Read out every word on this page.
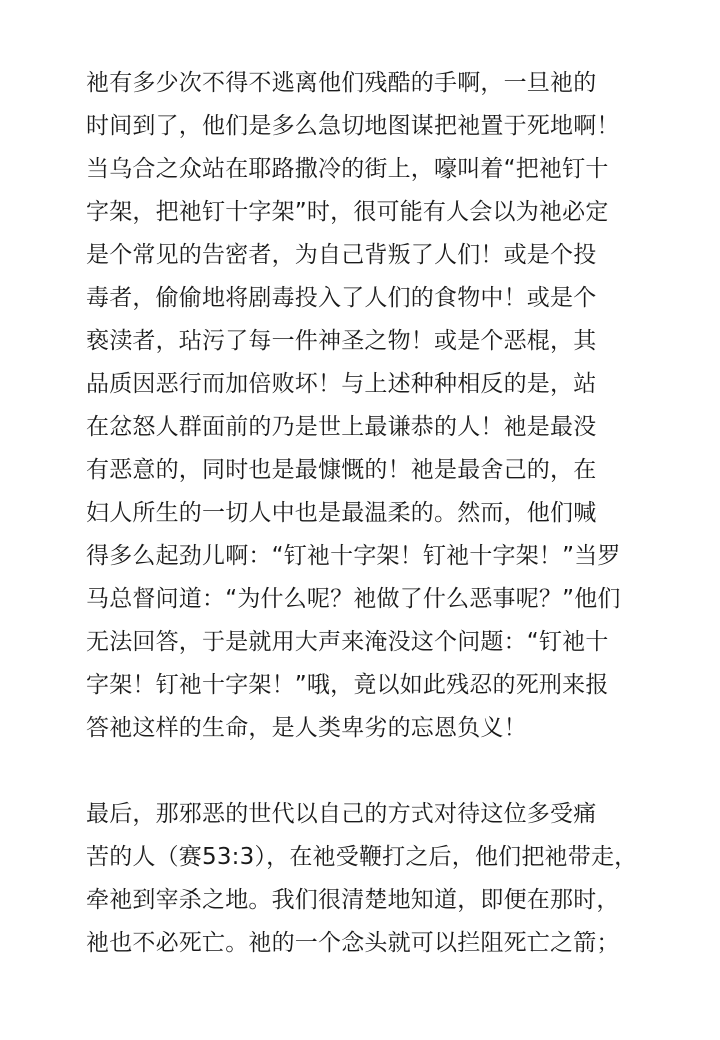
祂有多少次不得不逃离他们残酷的手啊，一旦祂的
时间到了，他们是多么急切地图谋把祂置于死地啊！
当乌合之众站在耶路撒冷的街上，嚎叫着“把祂钉十
字架，把祂钉十字架”时，很可能有人会以为祂必定
是个常见的告密者，为自己背叛了人们！或是个投
毒者，偷偷地将剧毒投入了人们的食物中！或是个
亵渎者，玷污了每一件神圣之物！或是个恶棍，其
品质因恶行而加倍败坏！与上述种种相反的是，站
在忿怒人群面前的乃是世上最谦恭的人！祂是最没
有恶意的，同时也是最慷慨的！祂是最舍己的，在
妇人所生的一切人中也是最温柔的。然而，他们喊
得多么起劲儿啊：“钉祂十字架！钉祂十字架！”当罗
马总督问道：“为什么呢？祂做了什么恶事呢？”他们
无法回答，于是就用大声来淹没这个问题：“钉祂十
字架！钉祂十字架！”哦，竟以如此残忍的死刑来报
答祂这样的生命，是人类卑劣的忘恩负义！
最后，那邪恶的世代以自己的方式对待这位多受痛
苦的人（赛53:3），在祂受鞭打之后，他们把祂带走，
牵祂到宰杀之地。我们很清楚地知道，即便在那时，
祂也不必死亡。祂的一个念头就可以拦阻死亡之箭；
